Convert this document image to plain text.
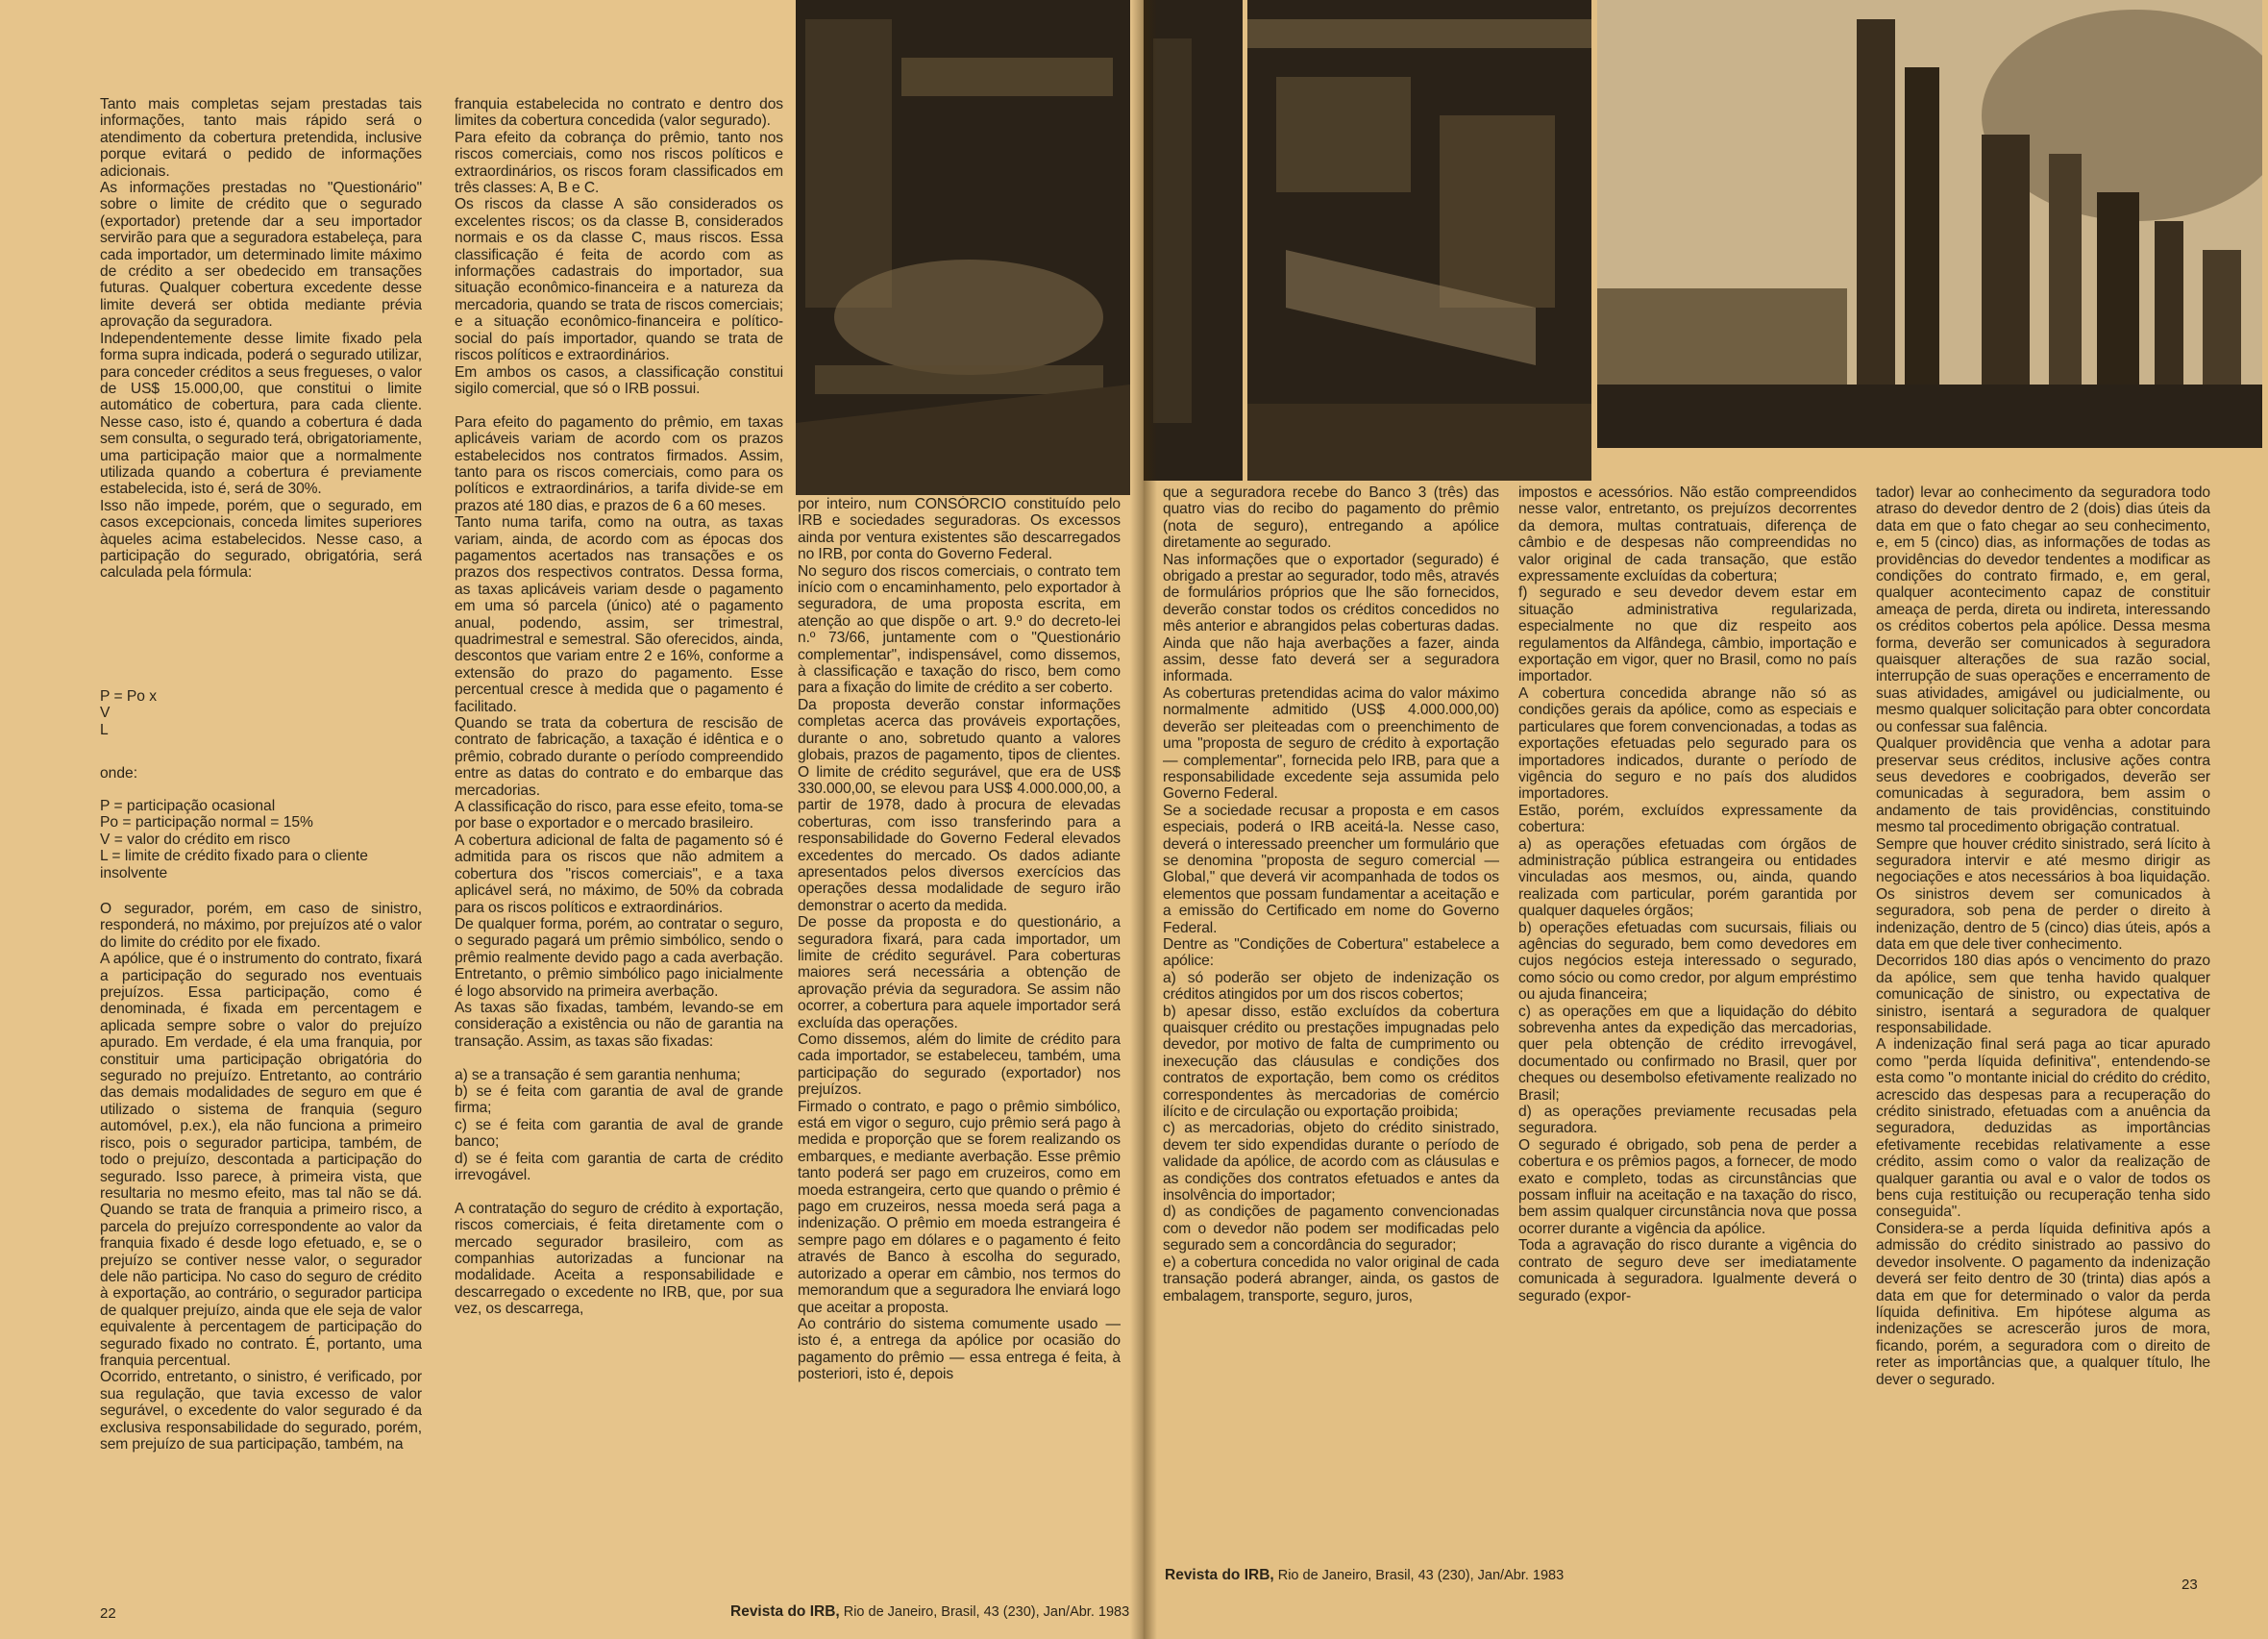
Tanto mais completas sejam prestadas tais informações, tanto mais rápido será o atendimento da cobertura pretendida, inclusive porque evitará o pedido de informações adicionais.
As informações prestadas no "Questionário" sobre o limite de crédito que o segurado (exportador) pretende dar a seu importador servirão para que a seguradora estabeleça, para cada importador, um determinado limite máximo de crédito a ser obedecido em transações futuras. Qualquer cobertura excedente desse limite deverá ser obtida mediante prévia aprovação da seguradora.
Independentemente desse limite fixado pela forma supra indicada, poderá o segurado utilizar, para conceder créditos a seus fregueses, o valor de US$ 15.000,00, que constitui o limite automático de cobertura, para cada cliente. Nesse caso, isto é, quando a cobertura é dada sem consulta, o segurado terá, obrigatoriamente, uma participação maior que a normalmente utilizada quando a cobertura é previamente estabelecida, isto é, será de 30%.
Isso não impede, porém, que o segurado, em casos excepcionais, conceda limites superiores àqueles acima estabelecidos. Nesse caso, a participação do segurado, obrigatória, será calculada pela fórmula:
P = Po x
V
L
onde:
P = participação ocasional
Po = participação normal = 15%
V = valor do crédito em risco
L = limite de crédito fixado para o cliente insolvente
O segurador, porém, em caso de sinistro, responderá, no máximo, por prejuízos até o valor do limite do crédito por ele fixado.
A apólice, que é o instrumento do contrato, fixará a participação do segurado nos eventuais prejuízos. Essa participação, como é denominada, é fixada em percentagem e aplicada sempre sobre o valor do prejuízo apurado. Em verdade, é ela uma franquia, por constituir uma participação obrigatória do segurado no prejuízo. Entretanto, ao contrário das demais modalidades de seguro em que é utilizado o sistema de franquia (seguro automóvel, p.ex.), ela não funciona a primeiro risco, pois o segurador participa, também, de todo o prejuízo, descontada a participação do segurado. Isso parece, à primeira vista, que resultaria no mesmo efeito, mas tal não se dá. Quando se trata de franquia a primeiro risco, a parcela do prejuízo correspondente ao valor da franquia fixado é desde logo efetuado, e, se o prejuízo se contiver nesse valor, o segurador dele não participa. No caso do seguro de crédito à exportação, ao contrário, o segurador participa de qualquer prejuízo, ainda que ele seja de valor equivalente à percentagem de participação do segurado fixado no contrato. É, portanto, uma franquia percentual.
Ocorrido, entretanto, o sinistro, é verificado, por sua regulação, que tavia excesso de valor segurável, o excedente do valor segurado é da exclusiva responsabilidade do segurado, porém, sem prejuízo de sua participação, também, na
franquia estabelecida no contrato e dentro dos limites da cobertura concedida (valor segurado).
Para efeito da cobrança do prêmio, tanto nos riscos comerciais, como nos riscos políticos e extraordinários, os riscos foram classificados em três classes: A, B e C.
Os riscos da classe A são considerados os excelentes riscos; os da classe B, considerados normais e os da classe C, maus riscos. Essa classificação é feita de acordo com as informações cadastrais do importador, sua situação econômico-financeira e a natureza da mercadoria, quando se trata de riscos comerciais; e a situação econômico-financeira e político-social do país importador, quando se trata de riscos políticos e extraordinários.
Em ambos os casos, a classificação constitui sigilo comercial, que só o IRB possui.

Para efeito do pagamento do prêmio, em taxas aplicáveis variam de acordo com os prazos estabelecidos nos contratos firmados. Assim, tanto para os riscos comerciais, como para os políticos e extraordinários, a tarifa divide-se em prazos até 180 dias, e prazos de 6 a 60 meses.
Tanto numa tarifa, como na outra, as taxas variam, ainda, de acordo com as épocas dos pagamentos acertados nas transações e os prazos dos respectivos contratos. Dessa forma, as taxas aplicáveis variam desde o pagamento em uma só parcela (único) até o pagamento anual, podendo, assim, ser trimestral, quadrimestral e semestral. São oferecidos, ainda, descontos que variam entre 2 e 16%, conforme a extensão do prazo do pagamento. Esse percentual cresce à medida que o pagamento é facilitado.
Quando se trata da cobertura de rescisão de contrato de fabricação, a taxação é idêntica e o prêmio, cobrado durante o período compreendido entre as datas do contrato e do embarque das mercadorias.
A classificação do risco, para esse efeito, toma-se por base o exportador e o mercado brasileiro.
A cobertura adicional de falta de pagamento só é admitida para os riscos que não admitem a cobertura dos "riscos comerciais", e a taxa aplicável será, no máximo, de 50% da cobrada para os riscos políticos e extraordinários.
De qualquer forma, porém, ao contratar o seguro, o segurado pagará um prêmio simbólico, sendo o prêmio realmente devido pago a cada averbação. Entretanto, o prêmio simbólico pago inicialmente é logo absorvido na primeira averbação.
As taxas são fixadas, também, levando-se em consideração a existência ou não de garantia na transação. Assim, as taxas são fixadas:

a) se a transação é sem garantia nenhuma;
b) se é feita com garantia de aval de grande firma;
c) se é feita com garantia de aval de grande banco;
d) se é feita com garantia de carta de crédito irrevogável.

A contratação do seguro de crédito à exportação, riscos comerciais, é feita diretamente com o mercado segurador brasileiro, com as companhias autorizadas a funcionar na modalidade. Aceita a responsabilidade e descarregado o excedente no IRB, que, por sua vez, os descarrega,
por inteiro, num CONSÓRCIO constituído pelo IRB e sociedades seguradoras. Os excessos ainda por ventura existentes são descarregados no IRB, por conta do Governo Federal.
No seguro dos riscos comerciais, o contrato tem início com o encaminhamento, pelo exportador à seguradora, de uma proposta escrita, em atenção ao que dispõe o art. 9.º do decreto-lei n.º 73/66, juntamente com o "Questionário complementar", indispensável, como dissemos, à classificação e taxação do risco, bem como para a fixação do limite de crédito a ser coberto.
Da proposta deverão constar informações completas acerca das prováveis exportações, durante o ano, sobretudo quanto a valores globais, prazos de pagamento, tipos de clientes. O limite de crédito segurável, que era de US$ 330.000,00, se elevou para US$ 4.000.000,00, a partir de 1978, dado à procura de elevadas coberturas, com isso transferindo para a responsabilidade do Governo Federal elevados excedentes do mercado. Os dados adiante apresentados pelos diversos exercícios das operações dessa modalidade de seguro irão demonstrar o acerto da medida.
De posse da proposta e do questionário, a seguradora fixará, para cada importador, um limite de crédito segurável. Para coberturas maiores será necessária a obtenção de aprovação prévia da seguradora. Se assim não ocorrer, a cobertura para aquele importador será excluída das operações.
Como dissemos, além do limite de crédito para cada importador, se estabeleceu, também, uma participação do segurado (exportador) nos prejuízos.
Firmado o contrato, e pago o prêmio simbólico, está em vigor o seguro, cujo prêmio será pago à medida e proporção que se forem realizando os embarques, e mediante averbação. Esse prêmio tanto poderá ser pago em cruzeiros, como em moeda estrangeira, certo que quando o prêmio é pago em cruzeiros, nessa moeda será paga a indenização. O prêmio em moeda estrangeira é sempre pago em dólares e o pagamento é feito através de Banco à escolha do segurado, autorizado a operar em câmbio, nos termos do memorandum que a seguradora lhe enviará logo que aceitar a proposta.
Ao contrário do sistema comumente usado — isto é, a entrega da apólice por ocasião do pagamento do prêmio — essa entrega é feita, à posteriori, isto é, depois
22	Revista do IRB, Rio de Janeiro, Brasil, 43 (230), Jan/Abr. 1983
que a seguradora recebe do Banco 3 (três) das quatro vias do recibo do pagamento do prêmio (nota de seguro), entregando a apólice diretamente ao segurado.
Nas informações que o exportador (segurado) é obrigado a prestar ao segurador, todo mês, através de formulários próprios que lhe são fornecidos, deverão constar todos os créditos concedidos no mês anterior e abrangidos pelas coberturas dadas. Ainda que não haja averbações a fazer, ainda assim, desse fato deverá ser a seguradora informada.
As coberturas pretendidas acima do valor máximo normalmente admitido (US$ 4.000.000,00) deverão ser pleiteadas com o preenchimento de uma "proposta de seguro de crédito à exportação — complementar", fornecida pelo IRB, para que a responsabilidade excedente seja assumida pelo Governo Federal.
Se a sociedade recusar a proposta e em casos especiais, poderá o IRB aceitá-la. Nesse caso, deverá o interessado preencher um formulário que se denomina "proposta de seguro comercial — Global," que deverá vir acompanhada de todos os elementos que possam fundamentar a aceitação e a emissão do Certificado em nome do Governo Federal.
Dentre as "Condições de Cobertura" estabelece a apólice:
a) só poderão ser objeto de indenização os créditos atingidos por um dos riscos cobertos;
b) apesar disso, estão excluídos da cobertura quaisquer crédito ou prestações impugnadas pelo devedor, por motivo de falta de cumprimento ou inexecução das cláusulas e condições dos contratos de exportação, bem como os créditos correspondentes às mercadorias de comércio ilícito e de circulação ou exportação proibida;
c) as mercadorias, objeto do crédito sinistrado, devem ter sido expendidas durante o período de validade da apólice, de acordo com as cláusulas e as condições dos contratos efetuados e antes da insolvência do importador;
d) as condições de pagamento convencionadas com o devedor não podem ser modificadas pelo segurado sem a concordância do segurador;
e) a cobertura concedida no valor original de cada transação poderá abranger, ainda, os gastos de embalagem, transporte, seguro, juros,
impostos e acessórios. Não estão compreendidos nesse valor, entretanto, os prejuízos decorrentes da demora, multas contratuais, diferença de câmbio e de despesas não compreendidas no valor original de cada transação, que estão expressamente excluídas da cobertura;
f) segurado e seu devedor devem estar em situação administrativa regularizada, especialmente no que diz respeito aos regulamentos da Alfândega, câmbio, importação e exportação em vigor, quer no Brasil, como no país importador.
A cobertura concedida abrange não só as condições gerais da apólice, como as especiais e particulares que forem convencionadas, a todas as exportações efetuadas pelo segurado para os importadores indicados, durante o período de vigência do seguro e no país dos aludidos importadores.
Estão, porém, excluídos expressamente da cobertura:
a) as operações efetuadas com órgãos de administração pública estrangeira ou entidades vinculadas aos mesmos, ou, ainda, quando realizada com particular, porém garantida por qualquer daqueles órgãos;
b) operações efetuadas com sucursais, filiais ou agências do segurado, bem como devedores em cujos negócios esteja interessado o segurado, como sócio ou como credor, por algum empréstimo ou ajuda financeira;
c) as operações em que a liquidação do débito sobrevenha antes da expedição das mercadorias, quer pela obtenção de crédito irrevogável, documentado ou confirmado no Brasil, quer por cheques ou desembolso efetivamente realizado no Brasil;
d) as operações previamente recusadas pela seguradora.
O segurado é obrigado, sob pena de perder a cobertura e os prêmios pagos, a fornecer, de modo exato e completo, todas as circunstâncias que possam influir na aceitação e na taxação do risco, bem assim qualquer circunstância nova que possa ocorrer durante a vigência da apólice.
Toda a agravação do risco durante a vigência do contrato de seguro deve ser imediatamente comunicada à seguradora. Igualmente deverá o segurado (expor-
tador) levar ao conhecimento da seguradora todo atraso do devedor dentro de 2 (dois) dias úteis da data em que o fato chegar ao seu conhecimento, e, em 5 (cinco) dias, as informações de todas as providências do devedor tendentes a modificar as condições do contrato firmado, e, em geral, qualquer acontecimento capaz de constituir ameaça de perda, direta ou indireta, interessando os créditos cobertos pela apólice. Dessa mesma forma, deverão ser comunicados à seguradora quaisquer alterações de sua razão social, interrupção de suas operações e encerramento de suas atividades, amigável ou judicialmente, ou mesmo qualquer solicitação para obter concordata ou confessar sua falência.
Qualquer providência que venha a adotar para preservar seus créditos, inclusive ações contra seus devedores e coobrigados, deverão ser comunicadas à seguradora, bem assim o andamento de tais providências, constituindo mesmo tal procedimento obrigação contratual.
Sempre que houver crédito sinistrado, será lícito à seguradora intervir e até mesmo dirigir as negociações e atos necessários à boa liquidação. Os sinistros devem ser comunicados à seguradora, sob pena de perder o direito à indenização, dentro de 5 (cinco) dias úteis, após a data em que dele tiver conhecimento.
Decorridos 180 dias após o vencimento do prazo da apólice, sem que tenha havido qualquer comunicação de sinistro, ou expectativa de sinistro, isentará a seguradora de qualquer responsabilidade.
A indenização final será paga ao ticar apurado como "perda líquida definitiva", entendendo-se esta como "o montante inicial do crédito do crédito, acrescido das despesas para a recuperação do crédito sinistrado, efetuadas com a anuência da seguradora, deduzidas as importâncias efetivamente recebidas relativamente a esse crédito, assim como o valor da realização de qualquer garantia ou aval e o valor de todos os bens cuja restituição ou recuperação tenha sido conseguida".
Considera-se a perda líquida definitiva após a admissão do crédito sinistrado ao passivo do devedor insolvente. O pagamento da indenização deverá ser feito dentro de 30 (trinta) dias após a data em que for determinado o valor da perda líquida definitiva. Em hipótese alguma as indenizações se acrescerão juros de mora, ficando, porém, a seguradora com o direito de reter as importâncias que, a qualquer título, lhe dever o segurado.
Revista do IRB, Rio de Janeiro, Brasil, 43 (230), Jan/Abr. 1983
23
